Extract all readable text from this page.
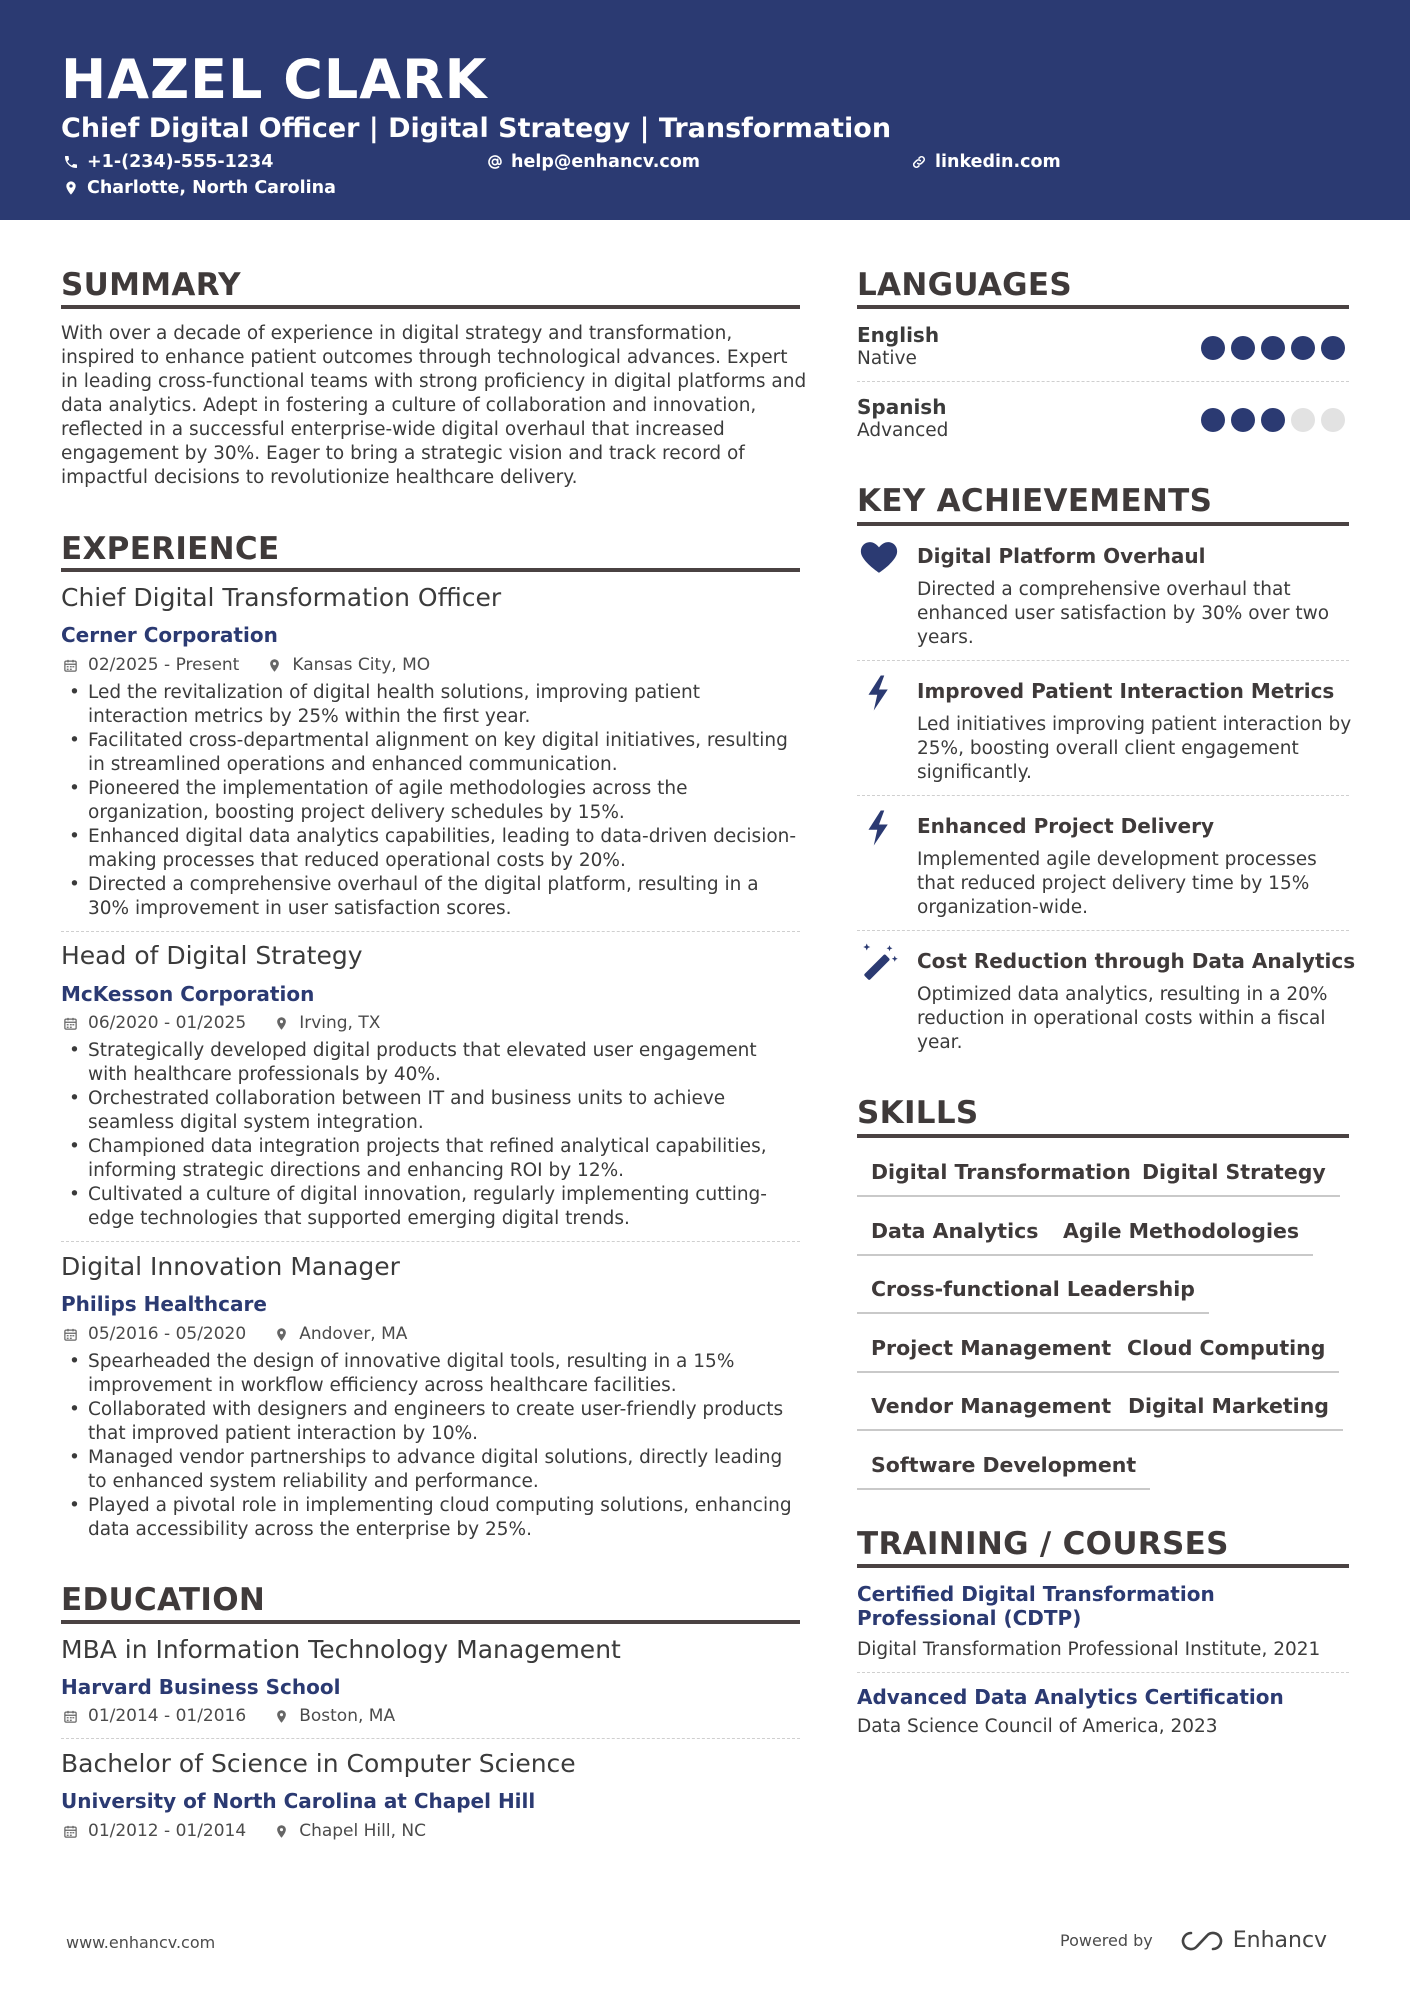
HAZEL CLARK
Chief Digital Officer | Digital Strategy | Transformation
+1-(234)-555-1234	help@enhancv.com	linkedin.com
Charlotte, North Carolina
SUMMARY
With over a decade of experience in digital strategy and transformation, inspired to enhance patient outcomes through technological advances. Expert in leading cross-functional teams with strong proficiency in digital platforms and data analytics. Adept in fostering a culture of collaboration and innovation, reflected in a successful enterprise-wide digital overhaul that increased engagement by 30%. Eager to bring a strategic vision and track record of impactful decisions to revolutionize healthcare delivery.
EXPERIENCE
Chief Digital Transformation Officer
Cerner Corporation
02/2025 - Present	Kansas City, MO
• Led the revitalization of digital health solutions, improving patient interaction metrics by 25% within the first year.
• Facilitated cross-departmental alignment on key digital initiatives, resulting in streamlined operations and enhanced communication.
• Pioneered the implementation of agile methodologies across the organization, boosting project delivery schedules by 15%.
• Enhanced digital data analytics capabilities, leading to data-driven decision-making processes that reduced operational costs by 20%.
• Directed a comprehensive overhaul of the digital platform, resulting in a 30% improvement in user satisfaction scores.
Head of Digital Strategy
McKesson Corporation
06/2020 - 01/2025	Irving, TX
• Strategically developed digital products that elevated user engagement with healthcare professionals by 40%.
• Orchestrated collaboration between IT and business units to achieve seamless digital system integration.
• Championed data integration projects that refined analytical capabilities, informing strategic directions and enhancing ROI by 12%.
• Cultivated a culture of digital innovation, regularly implementing cutting-edge technologies that supported emerging digital trends.
Digital Innovation Manager
Philips Healthcare
05/2016 - 05/2020	Andover, MA
• Spearheaded the design of innovative digital tools, resulting in a 15% improvement in workflow efficiency across healthcare facilities.
• Collaborated with designers and engineers to create user-friendly products that improved patient interaction by 10%.
• Managed vendor partnerships to advance digital solutions, directly leading to enhanced system reliability and performance.
• Played a pivotal role in implementing cloud computing solutions, enhancing data accessibility across the enterprise by 25%.
EDUCATION
MBA in Information Technology Management
Harvard Business School
01/2014 - 01/2016	Boston, MA
Bachelor of Science in Computer Science
University of North Carolina at Chapel Hill
01/2012 - 01/2014	Chapel Hill, NC
LANGUAGES
English
Native
Spanish
Advanced
KEY ACHIEVEMENTS
Digital Platform Overhaul
Directed a comprehensive overhaul that enhanced user satisfaction by 30% over two years.
Improved Patient Interaction Metrics
Led initiatives improving patient interaction by 25%, boosting overall client engagement significantly.
Enhanced Project Delivery
Implemented agile development processes that reduced project delivery time by 15% organization-wide.
Cost Reduction through Data Analytics
Optimized data analytics, resulting in a 20% reduction in operational costs within a fiscal year.
SKILLS
Digital Transformation Digital Strategy
Data Analytics	Agile Methodologies
Cross-functional Leadership
Project Management Cloud Computing
Vendor Management Digital Marketing
Software Development
TRAINING / COURSES
Certified Digital Transformation Professional (CDTP)
Digital Transformation Professional Institute, 2021
Advanced Data Analytics Certification
Data Science Council of America, 2023
www.enhancv.com	Powered by	Enhancv
